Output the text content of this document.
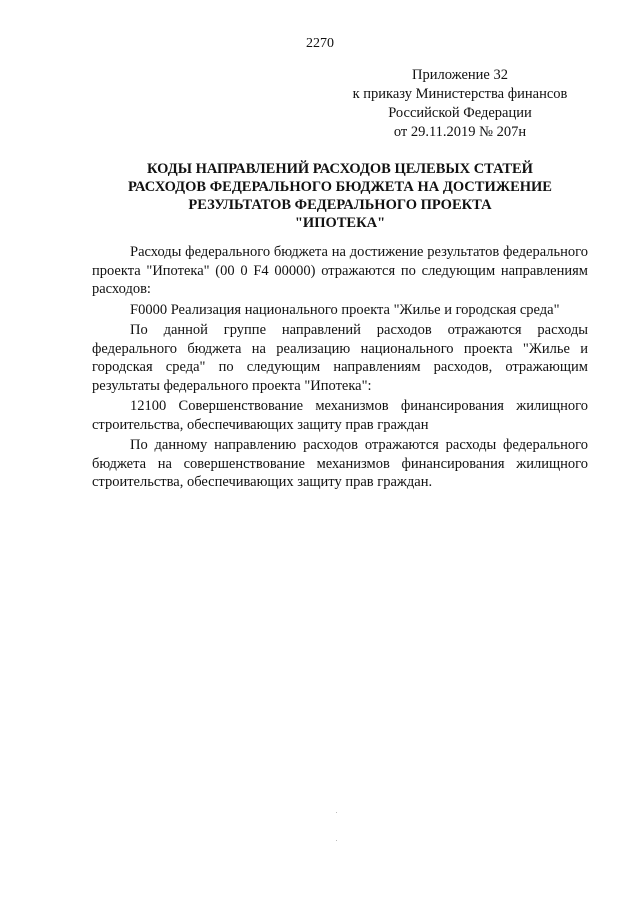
2270
Приложение 32
к приказу Министерства финансов
Российской Федерации
от 29.11.2019 № 207н
КОДЫ НАПРАВЛЕНИЙ РАСХОДОВ ЦЕЛЕВЫХ СТАТЕЙ
РАСХОДОВ ФЕДЕРАЛЬНОГО БЮДЖЕТА НА ДОСТИЖЕНИЕ
РЕЗУЛЬТАТОВ ФЕДЕРАЛЬНОГО ПРОЕКТА
"ИПОТЕКА"

Расходы федерального бюджета на достижение результатов федерального проекта "Ипотека" (00 0 F4 00000) отражаются по следующим направлениям расходов:

F0000 Реализация национального проекта "Жилье и городская среда"

По данной группе направлений расходов отражаются расходы федерального бюджета на реализацию национального проекта "Жилье и городская среда" по следующим направлениям расходов, отражающим результаты федерального проекта "Ипотека":

12100 Совершенствование механизмов финансирования жилищного строительства, обеспечивающих защиту прав граждан

По данному направлению расходов отражаются расходы федерального бюджета на совершенствование механизмов финансирования жилищного строительства, обеспечивающих защиту прав граждан.
